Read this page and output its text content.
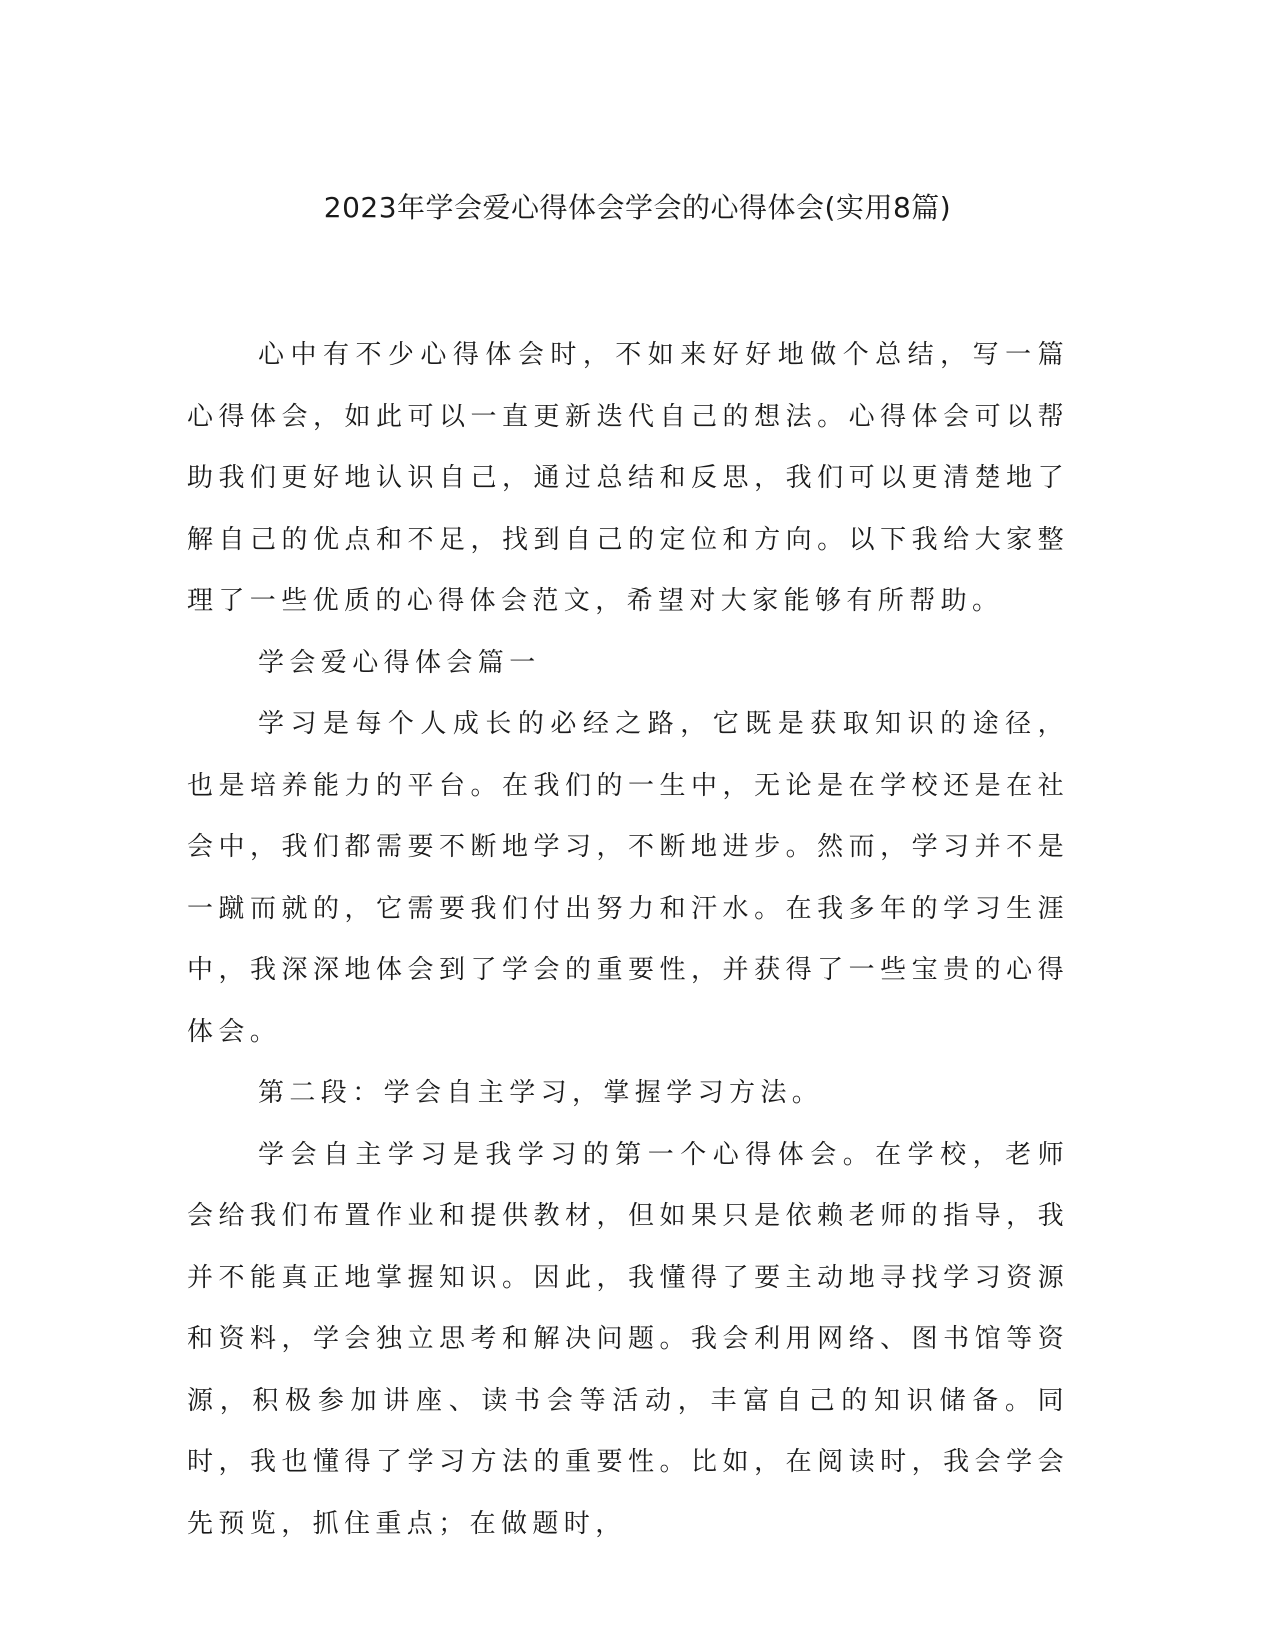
2023年学会爱心得体会学会的心得体会(实用8篇)

心中有不少心得体会时，不如来好好地做个总结，写一篇心得体会，如此可以一直更新迭代自己的想法。心得体会可以帮助我们更好地认识自己，通过总结和反思，我们可以更清楚地了解自己的优点和不足，找到自己的定位和方向。以下我给大家整理了一些优质的心得体会范文，希望对大家能够有所帮助。

学会爱心得体会篇一

学习是每个人成长的必经之路，它既是获取知识的途径，也是培养能力的平台。在我们的一生中，无论是在学校还是在社会中，我们都需要不断地学习，不断地进步。然而，学习并不是一蹴而就的，它需要我们付出努力和汗水。在我多年的学习生涯中，我深深地体会到了学会的重要性，并获得了一些宝贵的心得体会。

第二段：学会自主学习，掌握学习方法。

学会自主学习是我学习的第一个心得体会。在学校，老师会给我们布置作业和提供教材，但如果只是依赖老师的指导，我并不能真正地掌握知识。因此，我懂得了要主动地寻找学习资源和资料，学会独立思考和解决问题。我会利用网络、图书馆等资源，积极参加讲座、读书会等活动，丰富自己的知识储备。同时，我也懂得了学习方法的重要性。比如，在阅读时，我会学会先预览，抓住重点；在做题时，
